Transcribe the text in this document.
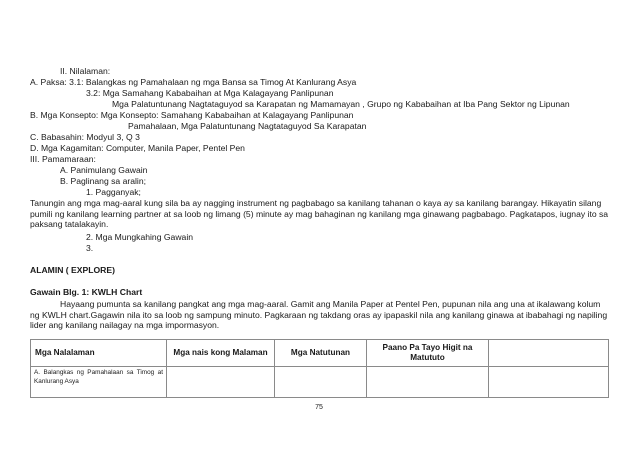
II. Nilalaman:
A. Paksa: 3.1: Balangkas ng Pamahalaan ng mga Bansa sa Timog At Kanlurang Asya
3.2: Mga Samahang Kababaihan at Mga Kalagayang Panlipunan
Mga Palatuntunang Nagtataguyod sa Karapatan ng Mamamayan , Grupo ng Kababaihan at Iba Pang Sektor ng Lipunan
B. Mga Konsepto: Mga Konsepto: Samahang Kababaihan at Kalagayang Panlipunan
Pamahalaan, Mga Palatuntunang Nagtataguyod Sa Karapatan
C. Babasahin: Modyul 3, Q 3
D. Mga Kagamitan: Computer, Manila Paper, Pentel Pen
III. Pamamaraan:
A. Panimulang Gawain
B. Paglinang sa aralin;
1. Pagganyak;
Tanungin ang mga mag-aaral kung sila ba ay nagging instrument ng pagbabago sa kanilang tahanan o kaya ay sa kanilang barangay. Hikayatin silang pumili ng kanilang learning partner at sa loob ng limang (5) minute ay mag bahaginan ng kanilang mga ginawang pagbabago. Pagkatapos, iugnay ito sa paksang tatalakayin.
2. Mga Mungkahing Gawain
3.
ALAMIN ( EXPLORE)
Gawain Blg. 1: KWLH Chart
Hayaang pumunta sa kanilang pangkat ang mga mag-aaral. Gamit ang Manila Paper at Pentel Pen, pupunan nila ang una at ikalawang kolum ng KWLH chart.Gagawin nila ito sa loob ng sampung minuto. Pagkaraan ng takdang oras ay ipapaskil nila ang kanilang ginawa at ibabahagi ng napiling lider ang kanilang nailagay na mga impormasyon.
Mga Nalalaman	Mga nais kong Malaman	Mga Natutunan	Paano Pa Tayo Higit na Matututo	
A. Balangkas ng Pamahalaan sa Timog at Kanlurang Asya				
75
